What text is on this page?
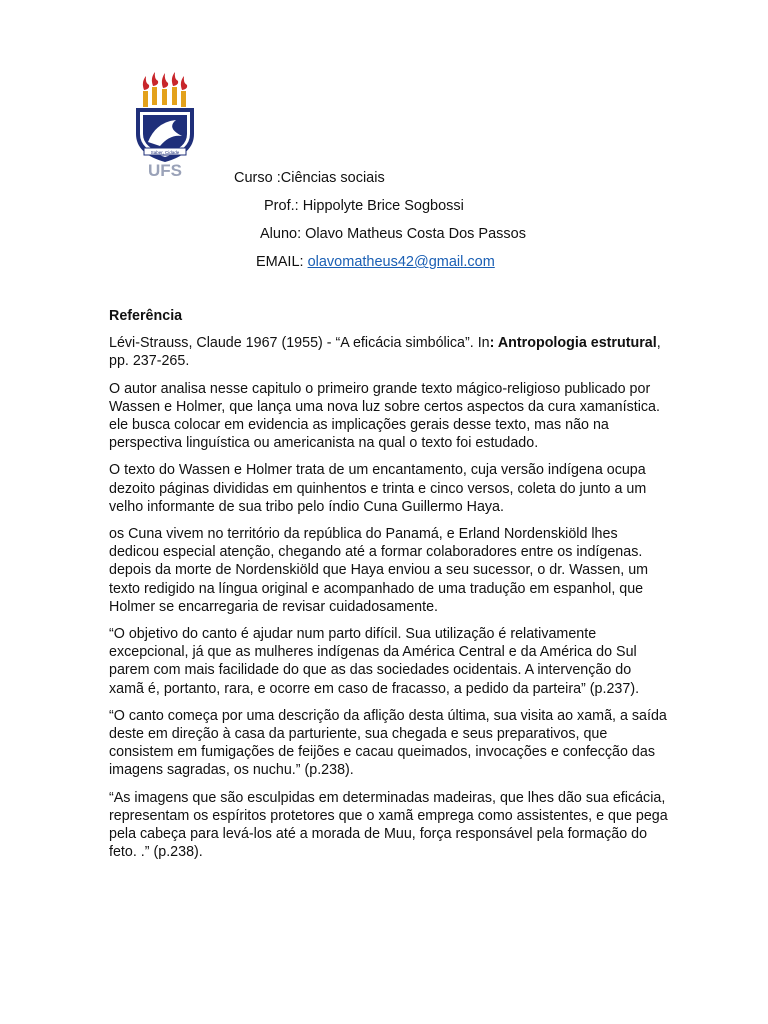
Saber, Cidade
UFS	Curso :Ciências sociais
Prof.: Hippolyte Brice Sogbossi
Aluno: Olavo Matheus Costa Dos Passos
EMAIL: olavomatheus42@gmail.com

Referência

Lévi-Strauss, Claude 1967 (1955) - “A eficácia simbólica”. In: Antropologia estrutural, pp. 237-265.

O autor analisa nesse capitulo o primeiro grande texto mágico-religioso publicado por Wassen e Holmer, que lança uma nova luz sobre certos aspectos da cura xamanística. ele busca colocar em evidencia as implicações gerais desse texto, mas não na perspectiva linguística ou americanista na qual o texto foi estudado.

O texto do Wassen e Holmer trata de um encantamento, cuja versão indígena ocupa dezoito páginas divididas em quinhentos e trinta e cinco versos, coleta do junto a um velho informante de sua tribo pelo índio Cuna Guillermo Haya.

os Cuna vivem no território da república do Panamá, e Erland Nordenskiöld lhes dedicou especial atenção, chegando até a formar colaboradores entre os indígenas. depois da morte de Nordenskiöld que Haya enviou a seu sucessor, o dr. Wassen, um texto redigido na língua original e acompanhado de uma tradução em espanhol, que Holmer se encarregaria de revisar cuidadosamente.

“O objetivo do canto é ajudar num parto difícil. Sua utilização é relativamente excepcional, já que as mulheres indígenas da América Central e da América do Sul parem com mais facilidade do que as das sociedades ocidentais. A intervenção do xamã é, portanto, rara, e ocorre em caso de fracasso, a pedido da parteira” (p.237).

“O canto começa por uma descrição da aflição desta última, sua visita ao xamã, a saída deste em direção à casa da parturiente, sua chegada e seus preparativos, que consistem em fumigações de feijões e cacau queimados, invocações e confecção das imagens sagradas, os nuchu.” (p.238).

“As imagens que são esculpidas em determinadas madeiras, que lhes dão sua eficácia, representam os espíritos protetores que o xamã emprega como assistentes, e que pega pela cabeça para levá-los até a morada de Muu, força responsável pela formação do feto. .” (p.238).
